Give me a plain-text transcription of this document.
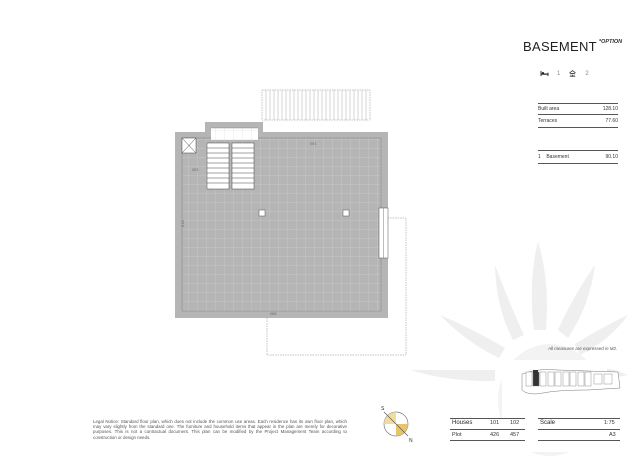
BASEMENT $^{*OPTION}$
1	2
Built area	128.10
Terraces	77.60
1 Basement	90.10
09'1
08'6
6,24
06'1
All measures are expressed in M2.
Legal Notice: Standard floor plan, which does not include the common use areas. Each residence has its own floor plan, which may vary slightly from the standard one. The furniture and household items that appear in the plan are merely for decorative purposes. This is not a contractual document. This plan can be modified by the Project Management Team according to construction or design needs.
S
N
Houses	101 102
Plot	426 457
Scale	1:75
A3
